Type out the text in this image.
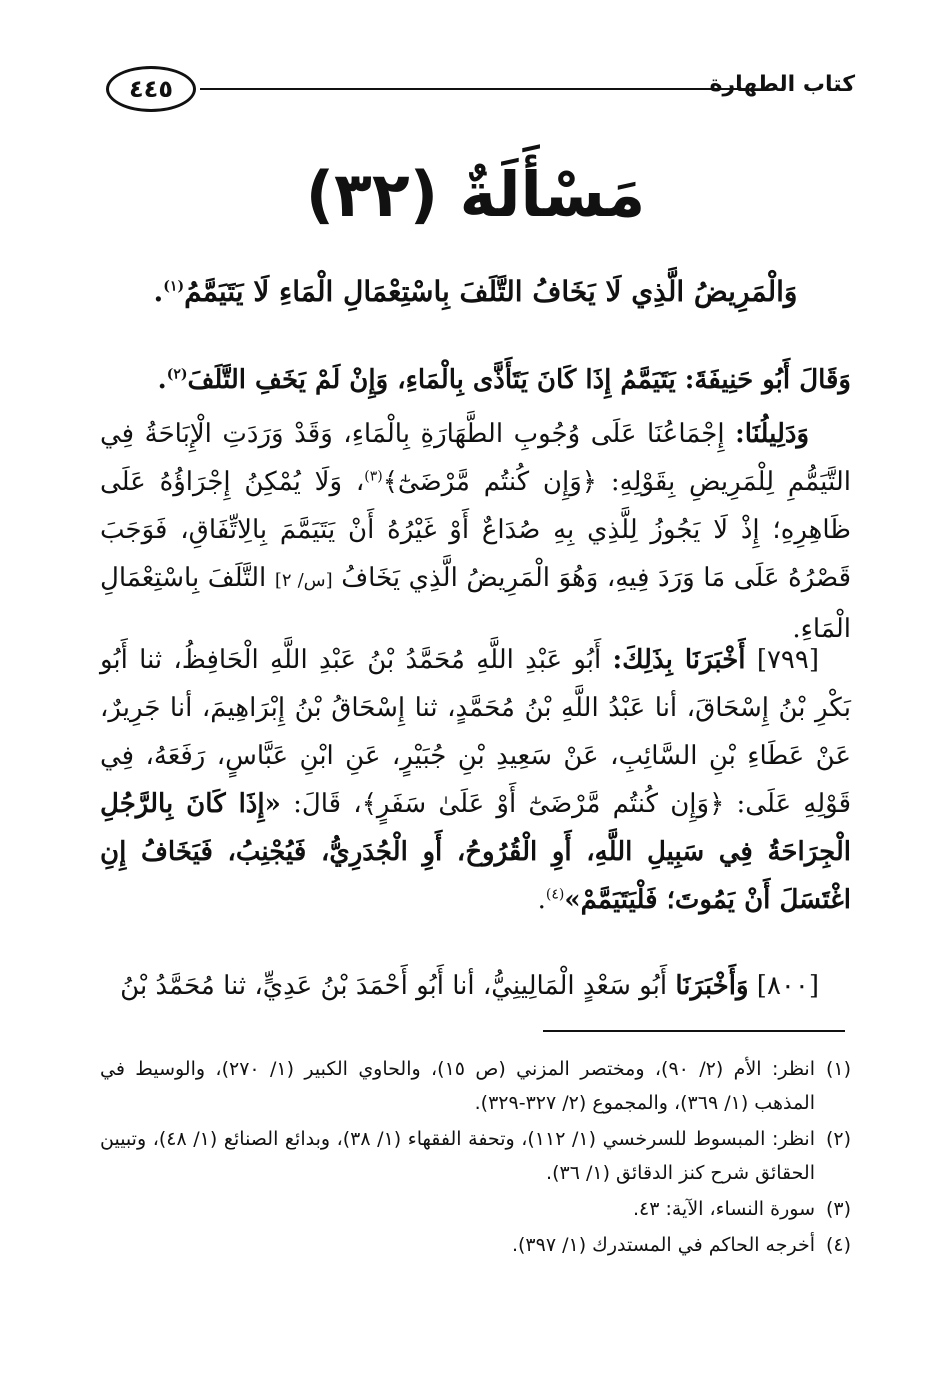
كتاب الطهارة
٤٤٥
مَسْأَلَةٌ (٣٢)
وَالْمَرِيضُ الَّذِي لَا يَخَافُ التَّلَفَ بِاسْتِعْمَالِ الْمَاءِ لَا يَتَيَمَّمُ$^{(١)}$.
وَقَالَ أَبُو حَنِيفَةَ: يَتَيَمَّمُ إِذَا كَانَ يَتَأَذَّى بِالْمَاءِ، وَإِنْ لَمْ يَخَفِ التَّلَفَ$^{(٢)}$.
وَدَلِيلُنَا: إِجْمَاعُنَا عَلَى وُجُوبِ الطَّهَارَةِ بِالْمَاءِ، وَقَدْ وَرَدَتِ الْإِبَاحَةُ فِي التَّيَمُّمِ لِلْمَرِيضِ بِقَوْلِهِ: ﴿وَإِن كُنتُم مَّرْضَىٰٓ﴾$^{(٣)}$، وَلَا يُمْكِنُ إِجْرَاؤُهُ عَلَى ظَاهِرِهِ؛ إِذْ لَا يَجُوزُ لِلَّذِي بِهِ صُدَاعٌ أَوْ غَيْرُهُ أَنْ يَتَيَمَّمَ بِالِاتِّفَاقِ، فَوَجَبَ قَصْرُهُ عَلَى مَا وَرَدَ فِيهِ، وَهُوَ الْمَرِيضُ الَّذِي يَخَافُ [س/ ٢] التَّلَفَ بِاسْتِعْمَالِ الْمَاءِ.
[٧٩٩] أَخْبَرَنَا بِذَلِكَ: أَبُو عَبْدِ اللَّهِ مُحَمَّدُ بْنُ عَبْدِ اللَّهِ الْحَافِظُ، ثنا أَبُو بَكْرِ بْنُ إِسْحَاقَ، أنا عَبْدُ اللَّهِ بْنُ مُحَمَّدٍ، ثنا إِسْحَاقُ بْنُ إِبْرَاهِيمَ، أنا جَرِيرٌ، عَنْ عَطَاءِ بْنِ السَّائِبِ، عَنْ سَعِيدِ بْنِ جُبَيْرٍ، عَنِ ابْنِ عَبَّاسٍ، رَفَعَهُ، فِي قَوْلِهِ عَلَى: ﴿وَإِن كُنتُم مَّرْضَىٰٓ أَوْ عَلَىٰ سَفَرٍ﴾، قَالَ: «إِذَا كَانَ بِالرَّجُلِ الْجِرَاحَةُ فِي سَبِيلِ اللَّهِ، أَوِ الْقُرُوحُ، أَوِ الْجُدَرِيُّ، فَيُجْنِبُ، فَيَخَافُ إِنِ اغْتَسَلَ أَنْ يَمُوتَ؛ فَلْيَتَيَمَّمْ»$^{(٤)}$.
[٨٠٠] وَأَخْبَرَنَا أَبُو سَعْدٍ الْمَالِينِيُّ، أنا أَبُو أَحْمَدَ بْنُ عَدِيٍّ، ثنا مُحَمَّدُ بْنُ
(١)
انظر: الأم (٢/ ٩٠)، ومختصر المزني (ص ١٥)، والحاوي الكبير (١/ ٢٧٠)، والوسيط في المذهب (١/ ٣٦٩)، والمجموع (٢/ ٣٢٧-٣٢٩).
(٢)
انظر: المبسوط للسرخسي (١/ ١١٢)، وتحفة الفقهاء (١/ ٣٨)، وبدائع الصنائع (١/ ٤٨)، وتبيين الحقائق شرح كنز الدقائق (١/ ٣٦).
(٣)
سورة النساء، الآية: ٤٣.
(٤)
أخرجه الحاكم في المستدرك (١/ ٣٩٧).
